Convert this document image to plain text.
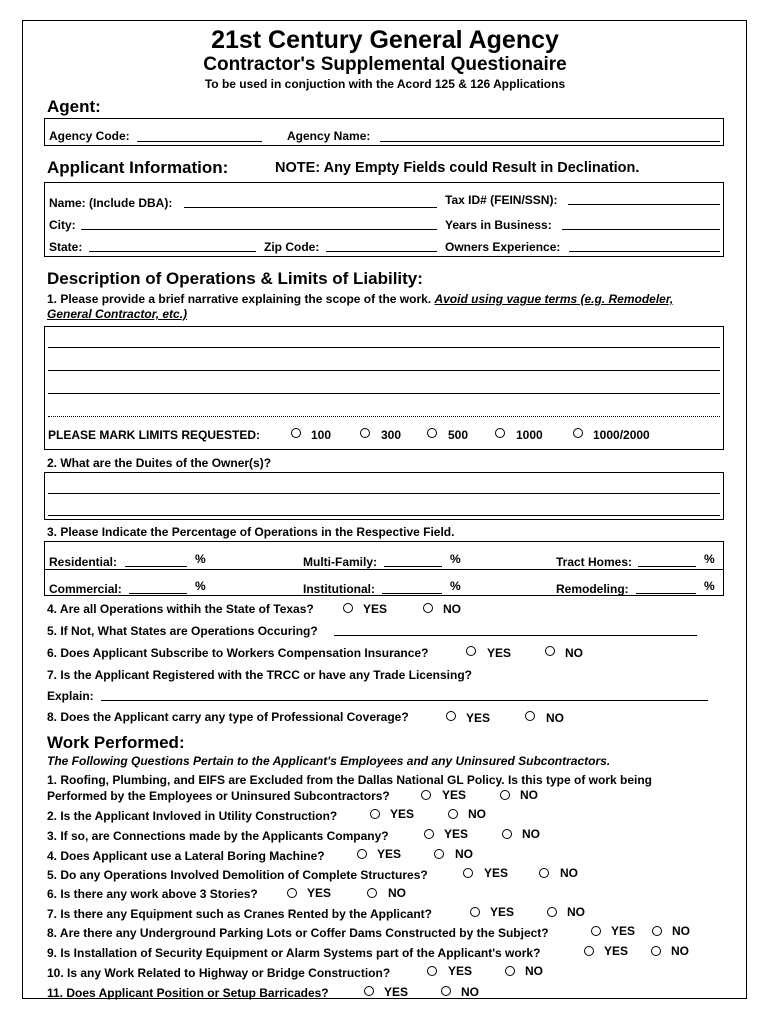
21st Century General Agency
Contractor's Supplemental Questionaire
To be used in conjuction with the Acord 125 & 126 Applications
Agent:
Agency Code:	Agency Name:
Applicant Information:	NOTE: Any Empty Fields could Result in Declination.
Name: (Include DBA):	Tax ID# (FEIN/SSN):
City:	Years in Business:
State:	Zip Code:	Owners Experience:
Description of Operations & Limits of Liability:
1. Please provide a brief narrative explaining the scope of the work. Avoid using vague terms (e.g. Remodeler,
General Contractor, etc.)
PLEASE MARK LIMITS REQUESTED:	100	300	500	1000	1000/2000
2. What are the Duites of the Owner(s)?
3. Please Indicate the Percentage of Operations in the Respective Field.
Residential:	%	Multi-Family:	%	Tract Homes:	%
Commercial:	%	Institutional:	%	Remodeling:	%
4. Are all Operations withih the State of Texas?	YES	NO
5. If Not, What States are Operations Occuring?
6. Does Applicant Subscribe to Workers Compensation Insurance?	YES	NO
7. Is the Applicant Registered with the TRCC or have any Trade Licensing?
Explain:
8. Does the Applicant carry any type of Professional Coverage?	YES	NO
Work Performed:
The Following Questions Pertain to the Applicant's Employees and any Uninsured Subcontractors.
1. Roofing, Plumbing, and EIFS are Excluded from the Dallas National GL Policy. Is this type of work being
Performed by the Employees or Uninsured Subcontractors?	YES	NO
2. Is the Applicant Invloved in Utility Construction?	YES	NO
3. If so, are Connections made by the Applicants Company?	YES	NO
4. Does Applicant use a Lateral Boring Machine?	YES	NO
5. Do any Operations Involved Demolition of Complete Structures?	YES	NO
6. Is there any work above 3 Stories?	YES	NO
7. Is there any Equipment such as Cranes Rented by the Applicant?	YES	NO
8. Are there any Underground Parking Lots or Coffer Dams Constructed by the Subject?	YES	NO
9. Is Installation of Security Equipment or Alarm Systems part of the Applicant's work?	YES	NO
10. Is any Work Related to Highway or Bridge Construction?	YES	NO
11. Does Applicant Position or Setup Barricades?	YES	NO
